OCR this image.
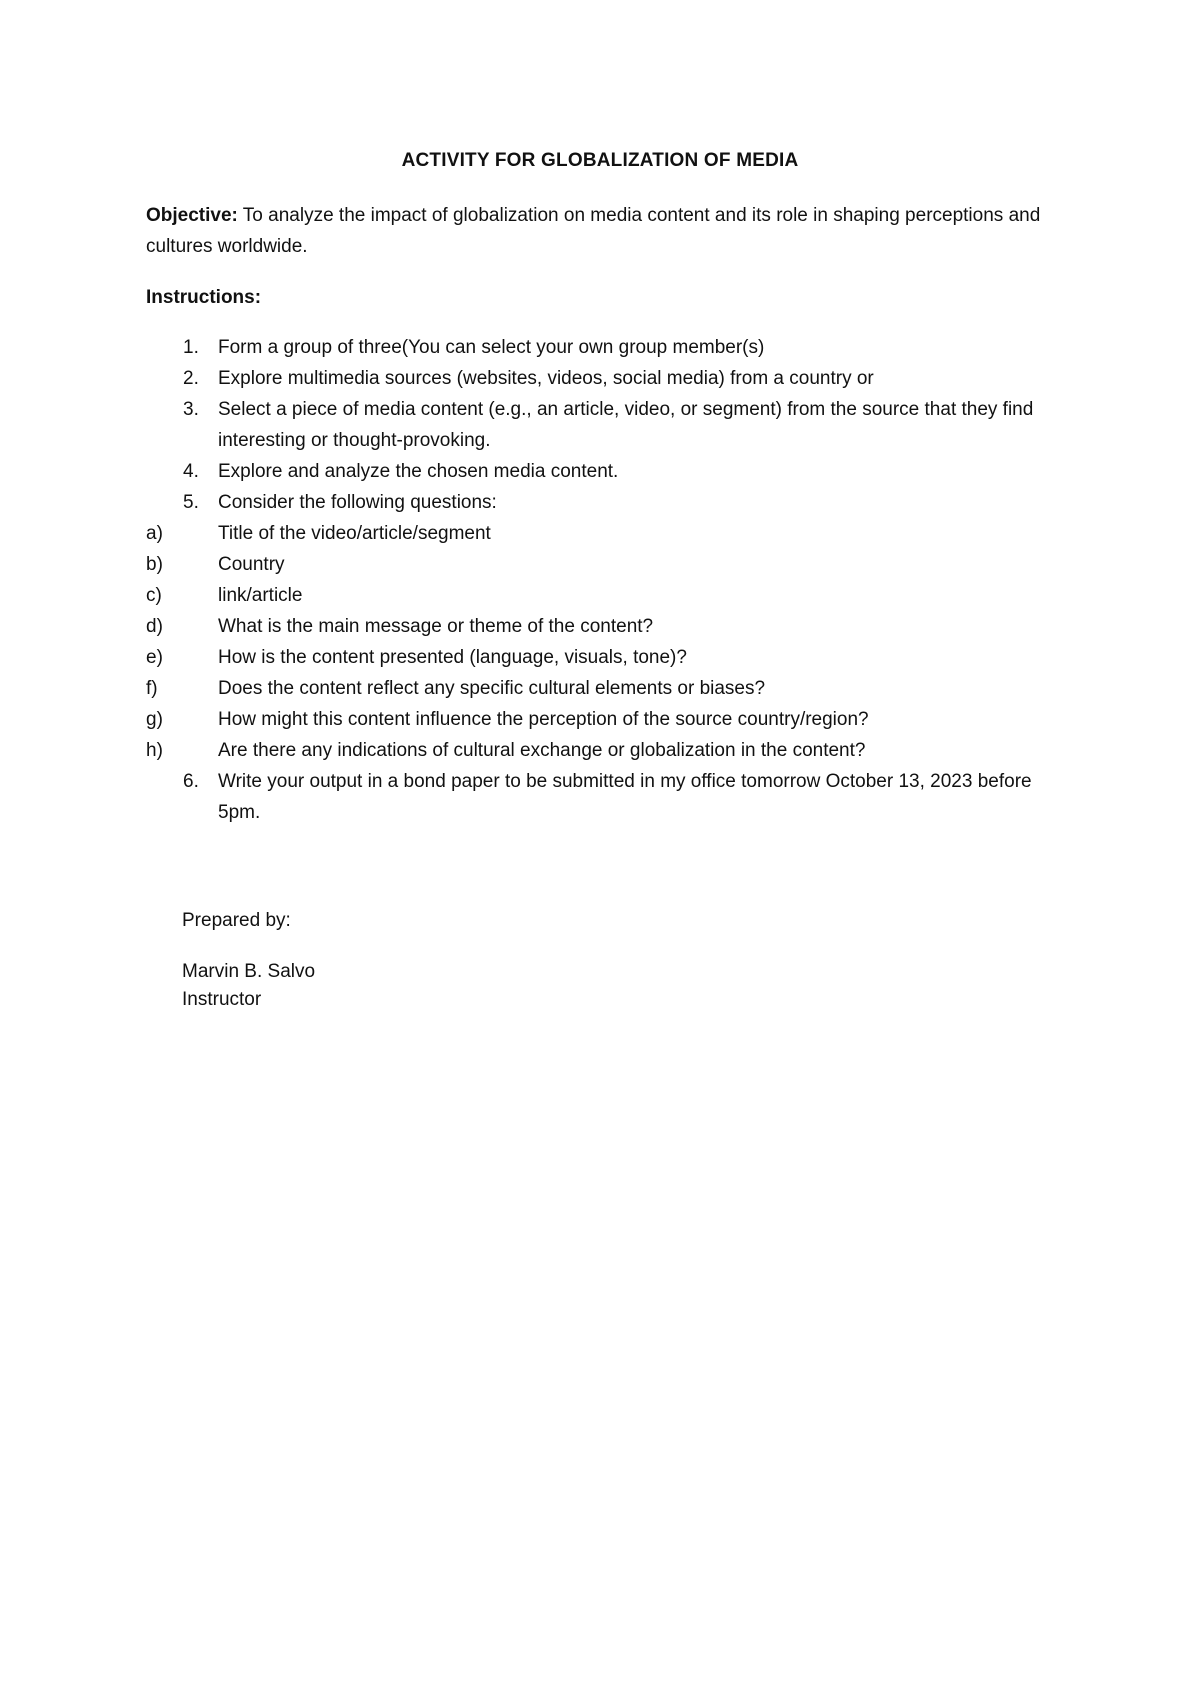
ACTIVITY FOR GLOBALIZATION OF MEDIA

Objective: To analyze the impact of globalization on media content and its role in shaping perceptions and cultures worldwide.

Instructions:
1. Form a group of three(You can select your own group member(s)
2. Explore multimedia sources (websites, videos, social media) from a country or
3. Select a piece of media content (e.g., an article, video, or segment) from the source that they find interesting or thought-provoking.
4. Explore and analyze the chosen media content.
5. Consider the following questions:
a)	Title of the video/article/segment
b)	Country
c)	link/article
d)	What is the main message or theme of the content?
e)	How is the content presented (language, visuals, tone)?
f)	Does the content reflect any specific cultural elements or biases?
g)	How might this content influence the perception of the source country/region?
h)	Are there any indications of cultural exchange or globalization in the content?
6. Write your output in a bond paper to be submitted in my office tomorrow October 13, 2023 before 5pm.
Prepared by:
Marvin B. Salvo
Instructor
